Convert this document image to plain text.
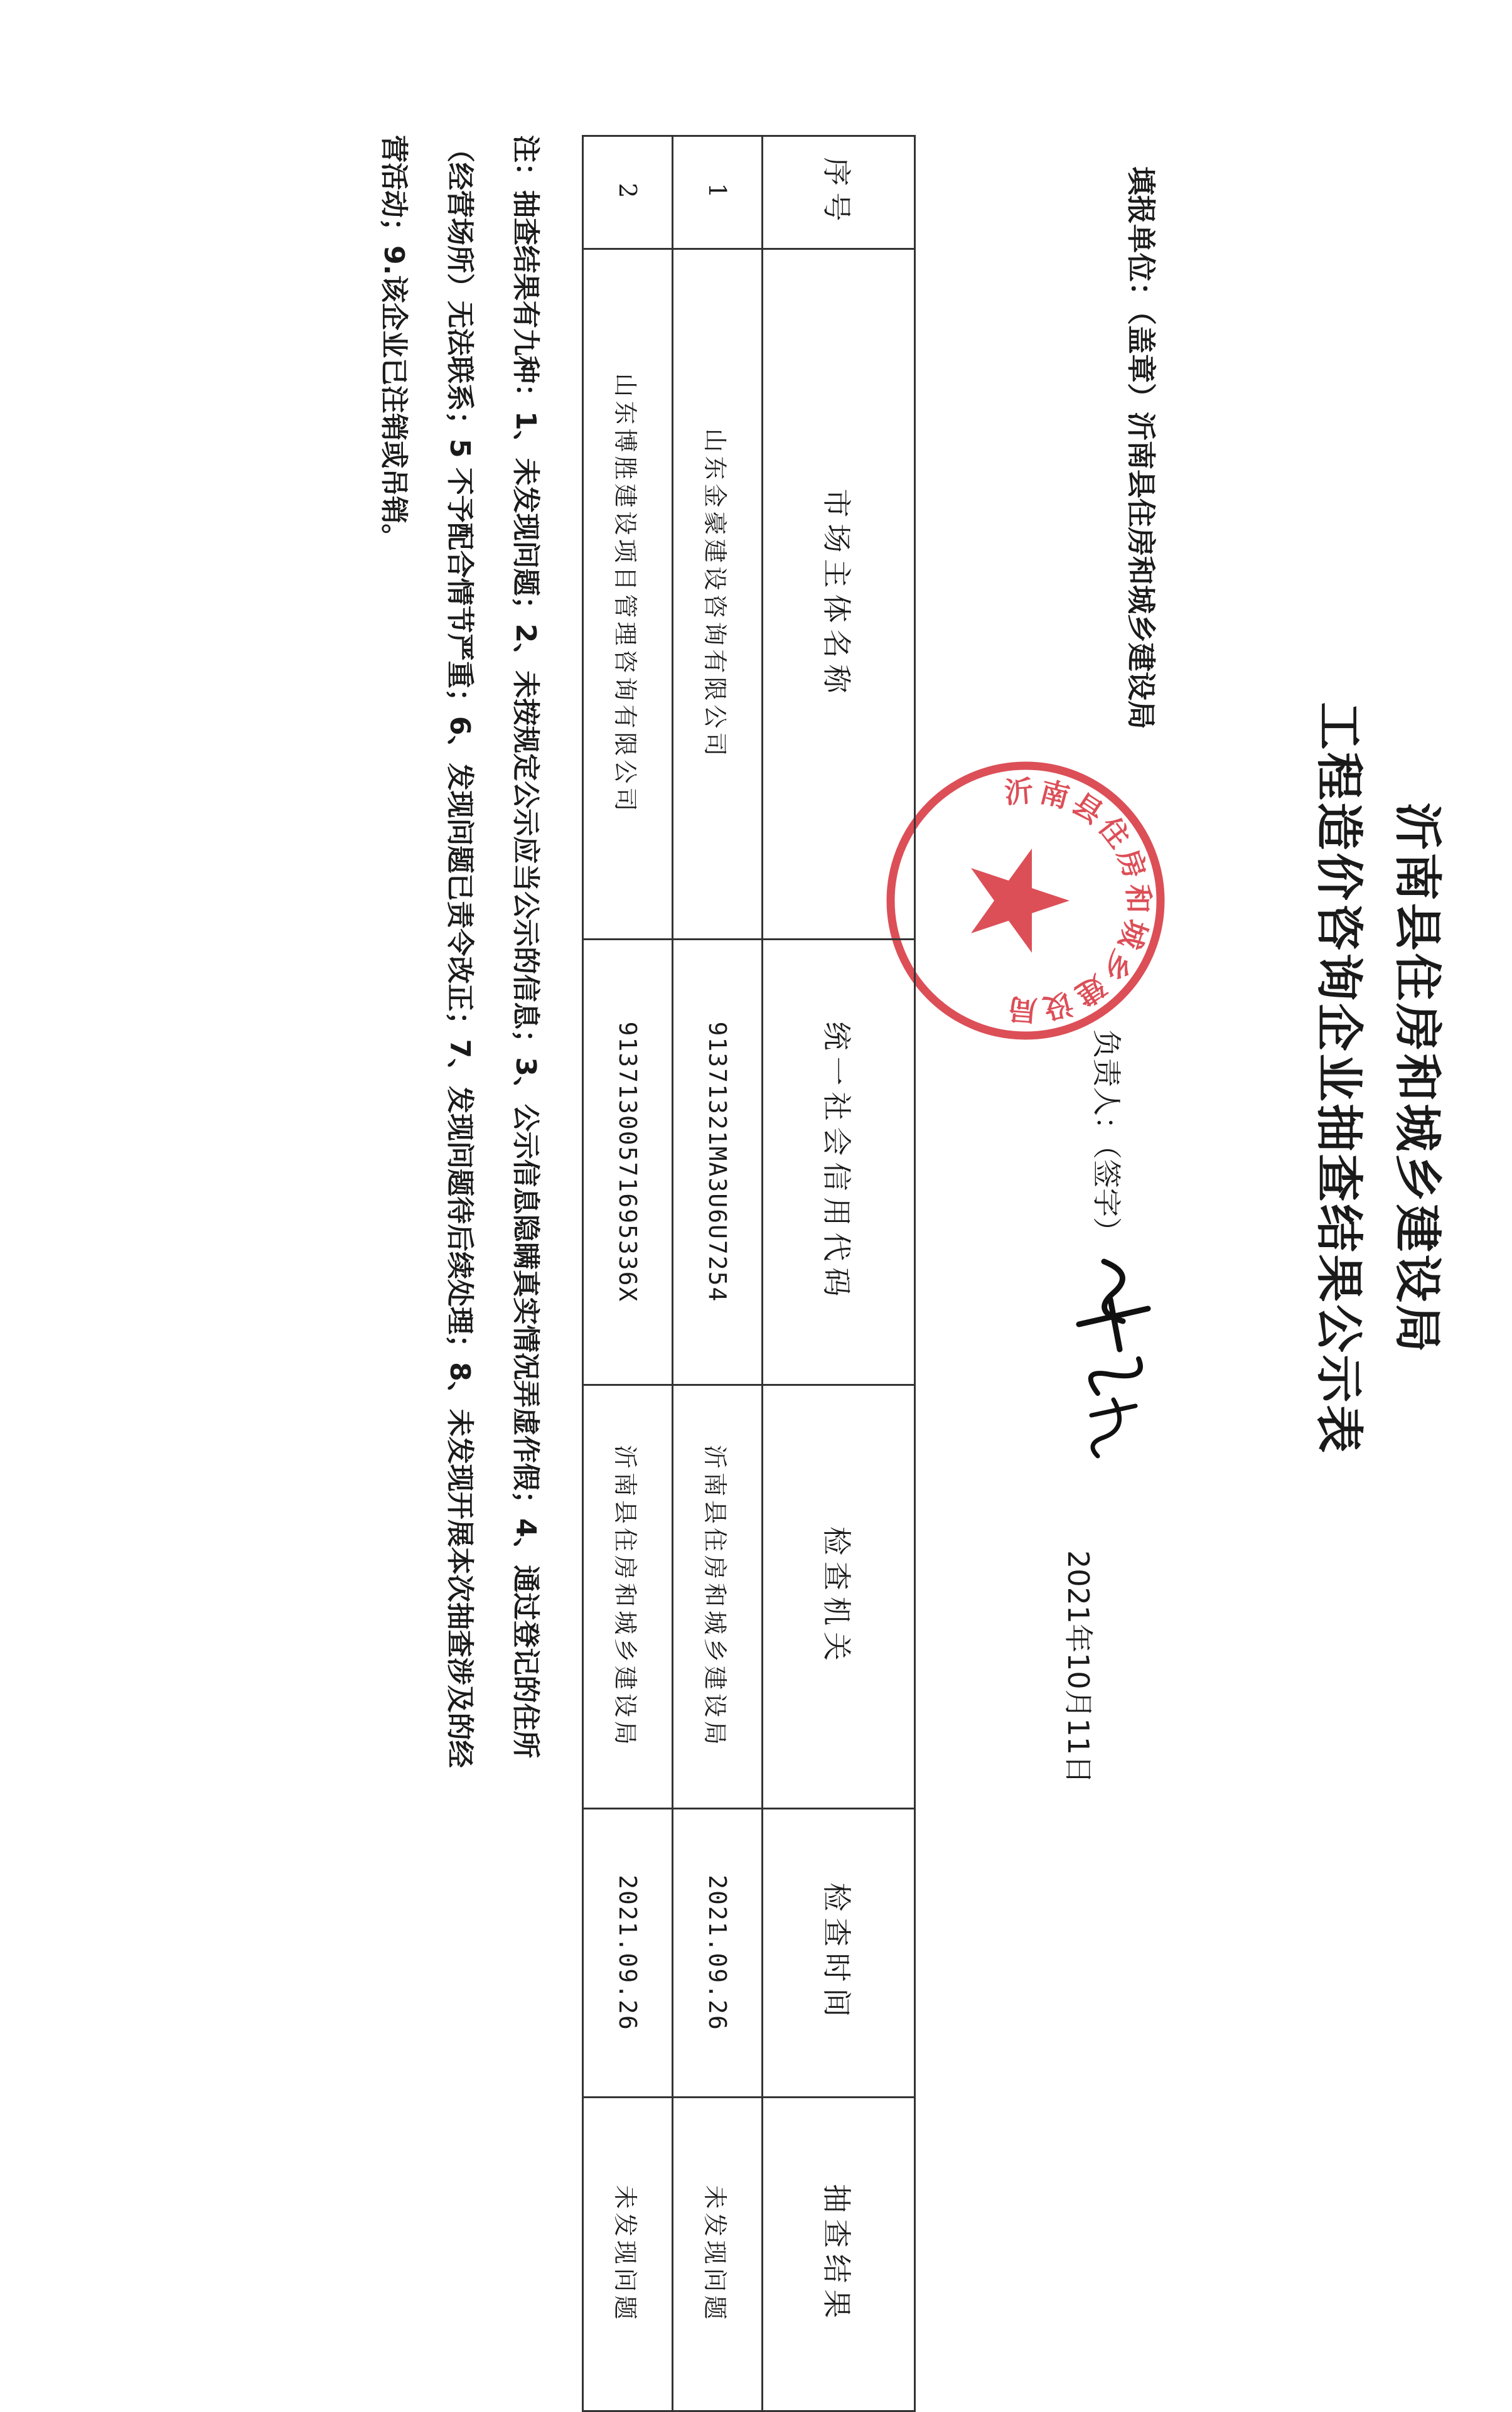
沂南县住房和城乡建设局
工程造价咨询企业抽查结果公示表
填报单位：（盖章）沂南县住房和城乡建设局
负责人：（签字）
2021年10月11日
沂南县住房和城乡建设局
序号	市场主体名称	统一社会信用代码	检查机关	检查时间	抽查结果
1	山东金豪建设咨询有限公司	91371321MA3U6U7254	沂南县住房和城乡建设局	2021.09.26	未发现问题
2	山东博胜建设项目管理咨询有限公司	91371300571695336X	沂南县住房和城乡建设局	2021.09.26	未发现问题
注：抽查结果有九种：1、未发现问题；2、未按规定公示应当公示的信息；3、公示信息隐瞒真实情况弄虚作假；4、通过登记的住所
（经营场所）无法联系；5 不予配合情节严重；6、发现问题已责令改正；7、发现问题待后续处理；8、未发现开展本次抽查涉及的经
营活动；9.该企业已注销或吊销。
